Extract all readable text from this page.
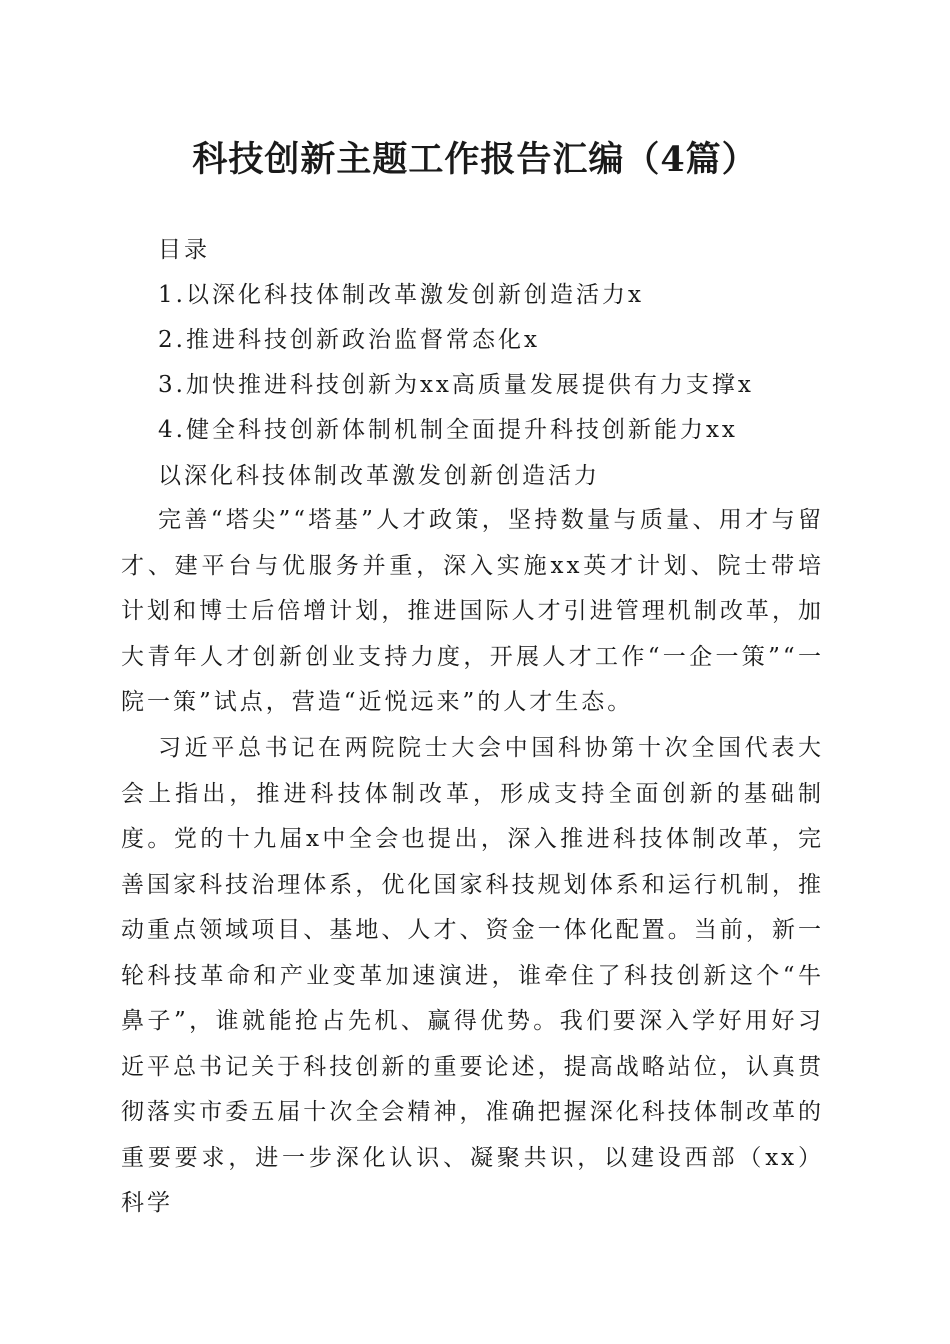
科技创新主题工作报告汇编（4篇）
目录
1.以深化科技体制改革激发创新创造活力x
2.推进科技创新政治监督常态化x
3.加快推进科技创新为xx高质量发展提供有力支撑x
4.健全科技创新体制机制全面提升科技创新能力xx
以深化科技体制改革激发创新创造活力

完善“塔尖”“塔基”人才政策，坚持数量与质量、用才与留才、建平台与优服务并重，深入实施xx英才计划、院士带培计划和博士后倍增计划，推进国际人才引进管理机制改革，加大青年人才创新创业支持力度，开展人才工作“一企一策”“一院一策”试点，营造“近悦远来”的人才生态。

习近平总书记在两院院士大会中国科协第十次全国代表大会上指出，推进科技体制改革，形成支持全面创新的基础制度。党的十九届x中全会也提出，深入推进科技体制改革，完善国家科技治理体系，优化国家科技规划体系和运行机制，推动重点领域项目、基地、人才、资金一体化配置。当前，新一轮科技革命和产业变革加速演进，谁牵住了科技创新这个“牛鼻子”，谁就能抢占先机、赢得优势。我们要深入学好用好习近平总书记关于科技创新的重要论述，提高战略站位，认真贯彻落实市委五届十次全会精神，准确把握深化科技体制改革的重要要求，进一步深化认识、凝聚共识，以建设西部（xx）科学
